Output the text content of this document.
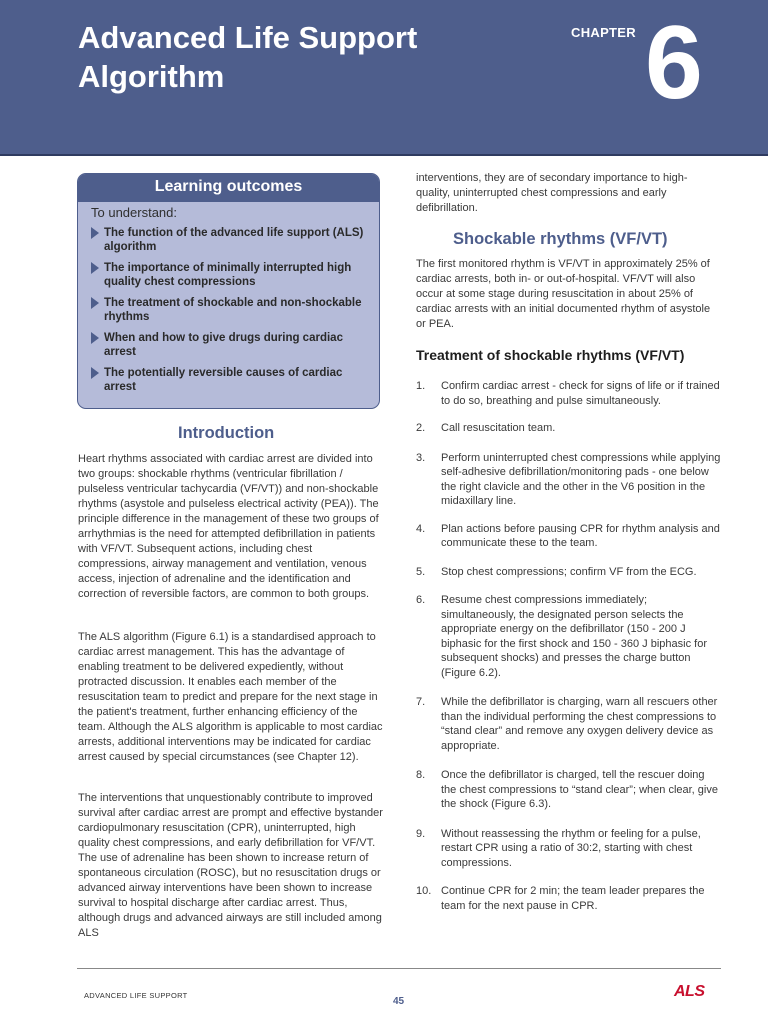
Advanced Life Support Algorithm
CHAPTER 6
Learning outcomes
To understand:
The function of the advanced life support (ALS) algorithm
The importance of minimally interrupted high quality chest compressions
The treatment of shockable and non-shockable rhythms
When and how to give drugs during cardiac arrest
The potentially reversible causes of cardiac arrest
Introduction

Heart rhythms associated with cardiac arrest are divided into two groups: shockable rhythms (ventricular fibrillation / pulseless ventricular tachycardia (VF/VT)) and non-shockable rhythms (asystole and pulseless electrical activity (PEA)). The principle difference in the management of these two groups of arrhythmias is the need for attempted defibrillation in patients with VF/VT. Subsequent actions, including chest compressions, airway management and ventilation, venous access, injection of adrenaline and the identification and correction of reversible factors, are common to both groups.

The ALS algorithm (Figure 6.1) is a standardised approach to cardiac arrest management. This has the advantage of enabling treatment to be delivered expediently, without protracted discussion. It enables each member of the resuscitation team to predict and prepare for the next stage in the patient's treatment, further enhancing efficiency of the team. Although the ALS algorithm is applicable to most cardiac arrests, additional interventions may be indicated for cardiac arrest caused by special circumstances (see Chapter 12).

The interventions that unquestionably contribute to improved survival after cardiac arrest are prompt and effective bystander cardiopulmonary resuscitation (CPR), uninterrupted, high quality chest compressions, and early defibrillation for VF/VT. The use of adrenaline has been shown to increase return of spontaneous circulation (ROSC), but no resuscitation drugs or advanced airway interventions have been shown to increase survival to hospital discharge after cardiac arrest. Thus, although drugs and advanced airways are still included among ALS

interventions, they are of secondary importance to high-quality, uninterrupted chest compressions and early defibrillation.

Shockable rhythms (VF/VT)

The first monitored rhythm is VF/VT in approximately 25% of cardiac arrests, both in- or out-of-hospital. VF/VT will also occur at some stage during resuscitation in about 25% of cardiac arrests with an initial documented rhythm of asystole or PEA.

Treatment of shockable rhythms (VF/VT)
1.	Confirm cardiac arrest - check for signs of life or if trained to do so, breathing and pulse simultaneously.
2.	Call resuscitation team.
3.	Perform uninterrupted chest compressions while applying self-adhesive defibrillation/monitoring pads - one below the right clavicle and the other in the V6 position in the midaxillary line.
4.	Plan actions before pausing CPR for rhythm analysis and communicate these to the team.
5.	Stop chest compressions; confirm VF from the ECG.
6.	Resume chest compressions immediately; simultaneously, the designated person selects the appropriate energy on the defibrillator (150 - 200 J biphasic for the first shock and 150 - 360 J biphasic for subsequent shocks) and presses the charge button (Figure 6.2).
7.	While the defibrillator is charging, warn all rescuers other than the individual performing the chest compressions to “stand clear” and remove any oxygen delivery device as appropriate.
8.	Once the defibrillator is charged, tell the rescuer doing the chest compressions to “stand clear”; when clear, give the shock (Figure 6.3).
9.	Without reassessing the rhythm or feeling for a pulse, restart CPR using a ratio of 30:2, starting with chest compressions.
10. Continue CPR for 2 min; the team leader prepares the team for the next pause in CPR.
ADVANCED LIFE SUPPORT
45
ALS
